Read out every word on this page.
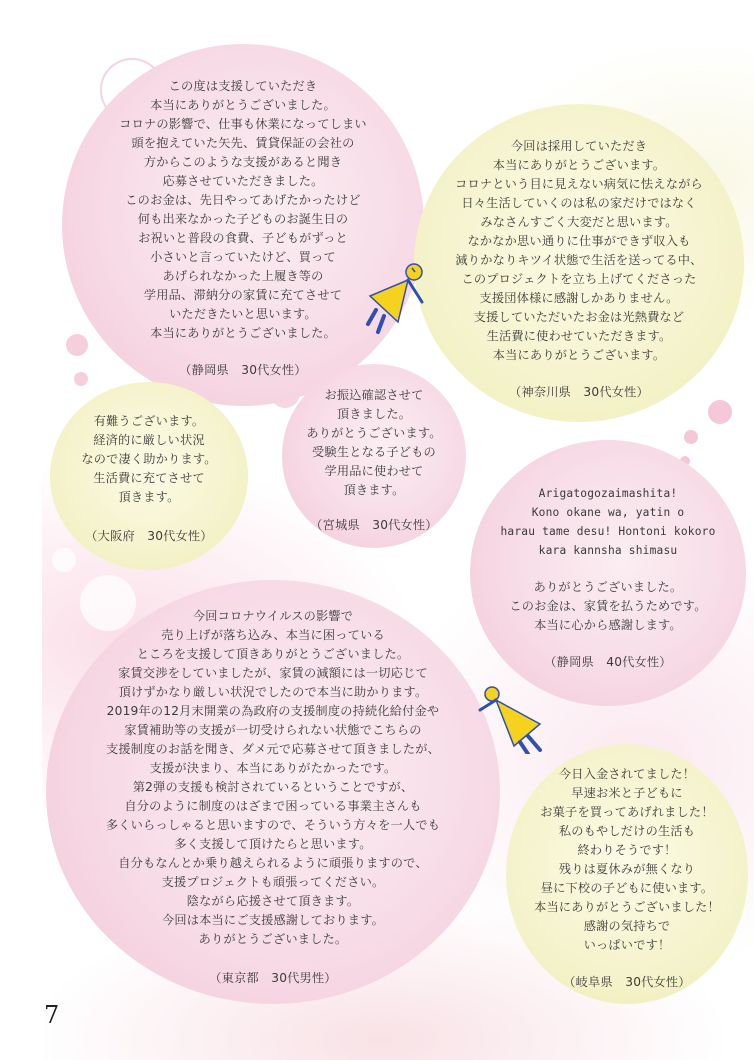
この度は支援していただき
本当にありがとうございました。
コロナの影響で、仕事も休業になってしまい
頭を抱えていた矢先、賃貸保証の会社の
方からこのような支援があると聞き
応募させていただきました。
このお金は、先日やってあげたかったけど
何も出来なかった子どものお誕生日の
お祝いと普段の食費、子どもがずっと
小さいと言っていたけど、買って
あげられなかった上履き等の
学用品、滞納分の家賃に充てさせて
いただきたいと思います。
本当にありがとうございました。
（静岡県　30代女性）
今回は採用していただき
本当にありがとうございます。
コロナという目に見えない病気に怯えながら
日々生活していくのは私の家だけではなく
みなさんすごく大変だと思います。
なかなか思い通りに仕事ができず収入も
減りかなりキツイ状態で生活を送ってる中、
このプロジェクトを立ち上げてくださった
支援団体様に感謝しかありません。
支援していただいたお金は光熱費など
生活費に使わせていただきます。
本当にありがとうございます。
（神奈川県　30代女性）
有難うございます。
経済的に厳しい状況
なので凄く助かります。
生活費に充てさせて
頂きます。
（大阪府　30代女性）
お振込確認させて
頂きました。
ありがとうございます。
受験生となる子どもの
学用品に使わせて
頂きます。
（宮城県　30代女性）
Arigatogozaimashita!
Kono okane wa, yatin o
harau tame desu! Hontoni kokoro
kara kannsha shimasu
ありがとうございました。
このお金は、家賃を払うためです。
本当に心から感謝します。
（静岡県　40代女性）
今回コロナウイルスの影響で
売り上げが落ち込み、本当に困っている
ところを支援して頂きありがとうございました。
家賃交渉をしていましたが、家賃の減額には一切応じて
頂けずかなり厳しい状況でしたので本当に助かります。
2019年の12月末開業の為政府の支援制度の持続化給付金や
家賃補助等の支援が一切受けられない状態でこちらの
支援制度のお話を聞き、ダメ元で応募させて頂きましたが、
支援が決まり、本当にありがたかったです。
第2弾の支援も検討されているということですが、
自分のように制度のはざまで困っている事業主さんも
多くいらっしゃると思いますので、そういう方々を一人でも
多く支援して頂けたらと思います。
自分もなんとか乗り越えられるように頑張りますので、
支援プロジェクトも頑張ってください。
陰ながら応援させて頂きます。
今回は本当にご支援感謝しております。
ありがとうございました。
（東京都　30代男性）
今日入金されてました！
早速お米と子どもに
お菓子を買ってあげれました！
私のもやしだけの生活も
終わりそうです！
残りは夏休みが無くなり
昼に下校の子どもに使います。
本当にありがとうございました！
感謝の気持ちで
いっぱいです！
（岐阜県　30代女性）
7
